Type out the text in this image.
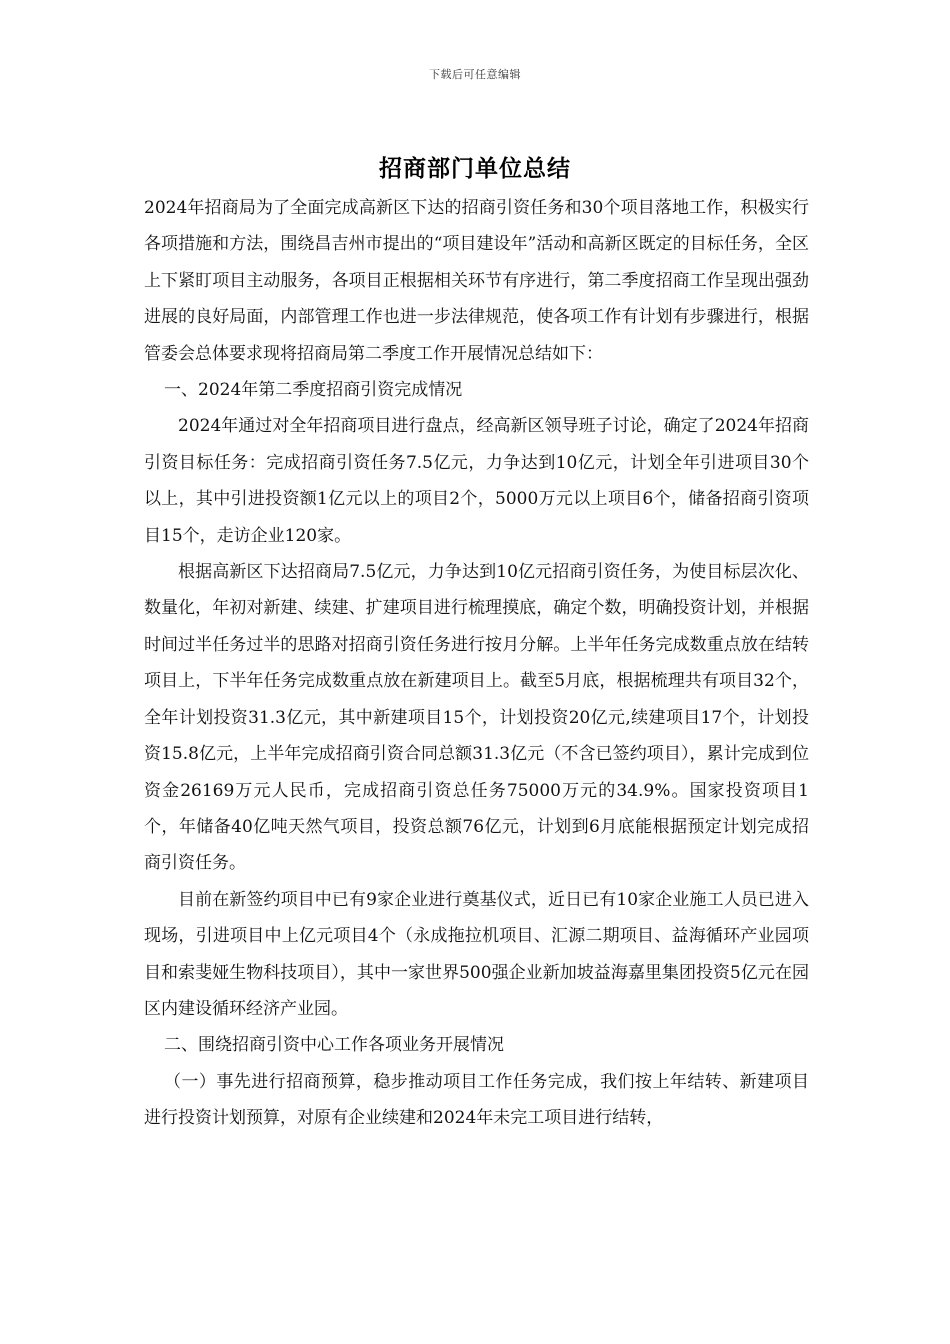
下载后可任意编辑
招商部门单位总结

2024年招商局为了全面完成高新区下达的招商引资任务和30个项目落地工作，积极实行各项措施和方法，围绕昌吉州市提出的“项目建设年”活动和高新区既定的目标任务，全区上下紧盯项目主动服务，各项目正根据相关环节有序进行，第二季度招商工作呈现出强劲进展的良好局面，内部管理工作也进一步法律规范，使各项工作有计划有步骤进行，根据管委会总体要求现将招商局第二季度工作开展情况总结如下：

一、2024年第二季度招商引资完成情况

2024年通过对全年招商项目进行盘点，经高新区领导班子讨论，确定了2024年招商引资目标任务：完成招商引资任务7.5亿元，力争达到10亿元，计划全年引进项目30个以上，其中引进投资额1亿元以上的项目2个，5000万元以上项目6个，储备招商引资项目15个，走访企业120家。

根据高新区下达招商局7.5亿元，力争达到10亿元招商引资任务，为使目标层次化、数量化，年初对新建、续建、扩建项目进行梳理摸底，确定个数，明确投资计划，并根据时间过半任务过半的思路对招商引资任务进行按月分解。上半年任务完成数重点放在结转项目上，下半年任务完成数重点放在新建项目上。截至5月底，根据梳理共有项目32个，全年计划投资31.3亿元，其中新建项目15个，计划投资20亿元,续建项目17个，计划投资15.8亿元，上半年完成招商引资合同总额31.3亿元（不含已签约项目），累计完成到位资金26169万元人民币，完成招商引资总任务75000万元的34.9%。国家投资项目1个，年储备40亿吨天然气项目，投资总额76亿元，计划到6月底能根据预定计划完成招商引资任务。

目前在新签约项目中已有9家企业进行奠基仪式，近日已有10家企业施工人员已进入现场，引进项目中上亿元项目4个（永成拖拉机项目、汇源二期项目、益海循环产业园项目和索斐娅生物科技项目），其中一家世界500强企业新加坡益海嘉里集团投资5亿元在园区内建设循环经济产业园。

二、围绕招商引资中心工作各项业务开展情况

（一）事先进行招商预算，稳步推动项目工作任务完成，我们按上年结转、新建项目进行投资计划预算，对原有企业续建和2024年未完工项目进行结转，
